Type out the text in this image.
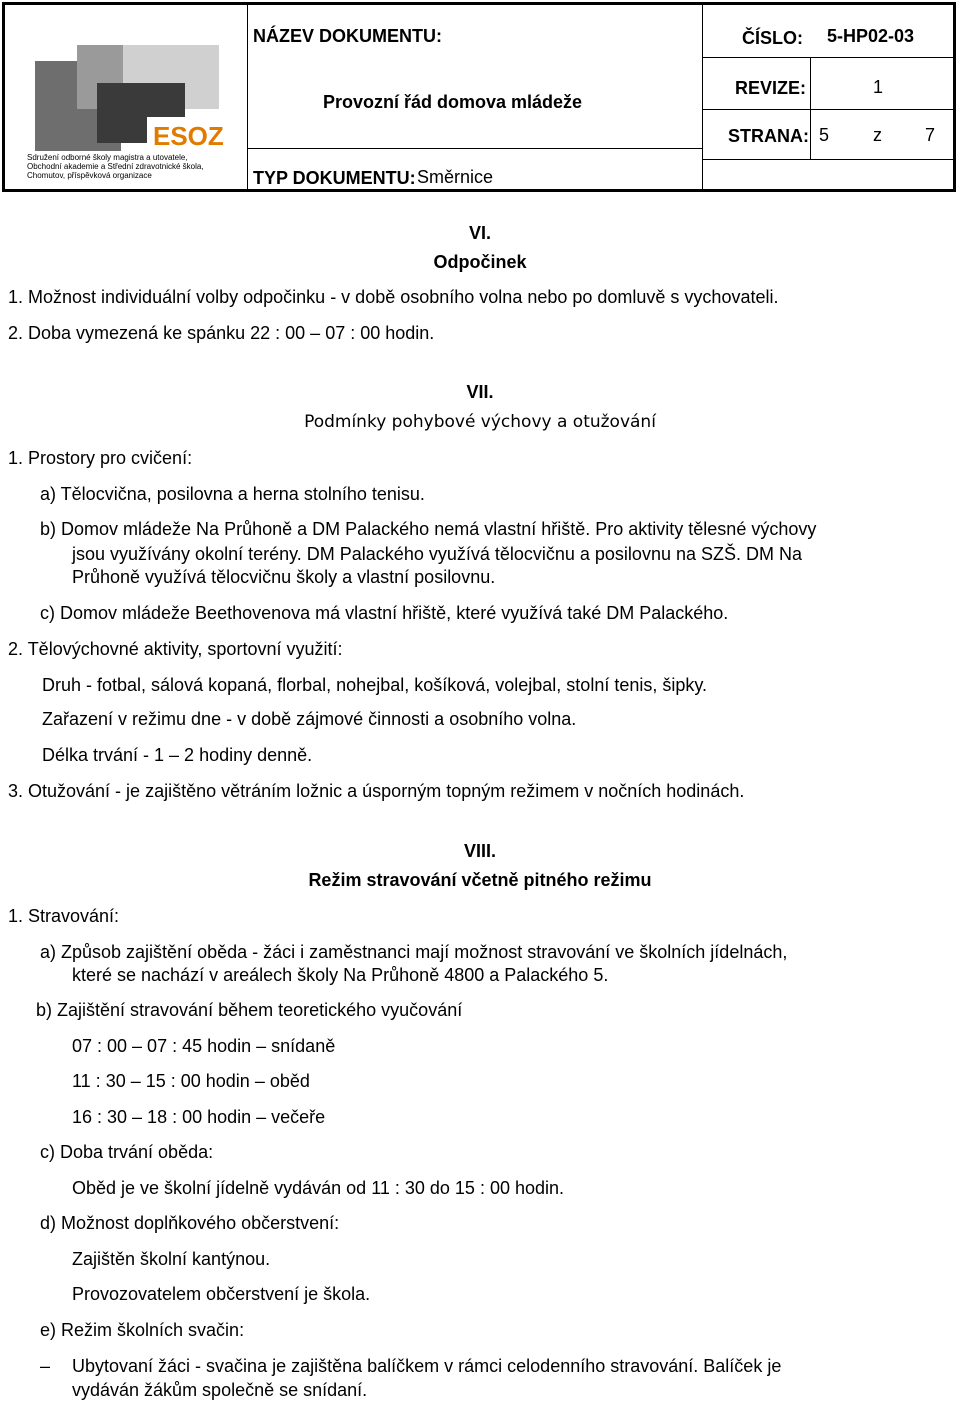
ESOZ
Sdružení odborné školy magistra a utovatele,
Obchodní akademie a Střední zdravotnické škola,
Chomutov, příspěvková organizace
NÁZEV DOKUMENTU:
Provozní řád domova mládeže
TYP DOKUMENTU: Směrnice
ČÍSLO: 5-HP02-03
REVIZE:	1
STRANA: 5 z 7
VI.
Odpočinek
1. Možnost individuální volby odpočinku - v době osobního volna nebo po domluvě s vychovateli.
2. Doba vymezená ke spánku 22 : 00 – 07 : 00 hodin.
VII.
Podmínky pohybové výchovy a otužování
1. Prostory pro cvičení:
a) Tělocvična, posilovna a herna stolního tenisu.
b) Domov mládeže Na Průhoně a DM Palackého nemá vlastní hřiště. Pro aktivity tělesné výchovy
jsou využívány okolní terény. DM Palackého využívá tělocvičnu a posilovnu na SZŠ. DM Na
Průhoně využívá tělocvičnu školy a vlastní posilovnu.
c) Domov mládeže Beethovenova má vlastní hřiště, které využívá také DM Palackého.
2. Tělovýchovné aktivity, sportovní využití:
Druh - fotbal, sálová kopaná, florbal, nohejbal, košíková, volejbal, stolní tenis, šipky.
Zařazení v režimu dne - v době zájmové činnosti a osobního volna.
Délka trvání - 1 – 2 hodiny denně.
3. Otužování - je zajištěno větráním ložnic a úsporným topným režimem v nočních hodinách.
VIII.
Režim stravování včetně pitného režimu
1. Stravování:
a) Způsob zajištění oběda - žáci i zaměstnanci mají možnost stravování ve školních jídelnách,
které se nachází v areálech školy Na Průhoně 4800 a Palackého 5.
b) Zajištění stravování během teoretického vyučování
07 : 00 – 07 : 45 hodin – snídaně
11 : 30 – 15 : 00 hodin – oběd
16 : 30 – 18 : 00 hodin – večeře
c) Doba trvání oběda:
Oběd je ve školní jídelně vydáván od 11 : 30 do 15 : 00 hodin.
d) Možnost doplňkového občerstvení:
Zajištěn školní kantýnou.
Provozovatelem občerstvení je škola.
e) Režim školních svačin:
– Ubytovaní žáci - svačina je zajištěna balíčkem v rámci celodenního stravování. Balíček je
vydáván žákům společně se snídaní.
